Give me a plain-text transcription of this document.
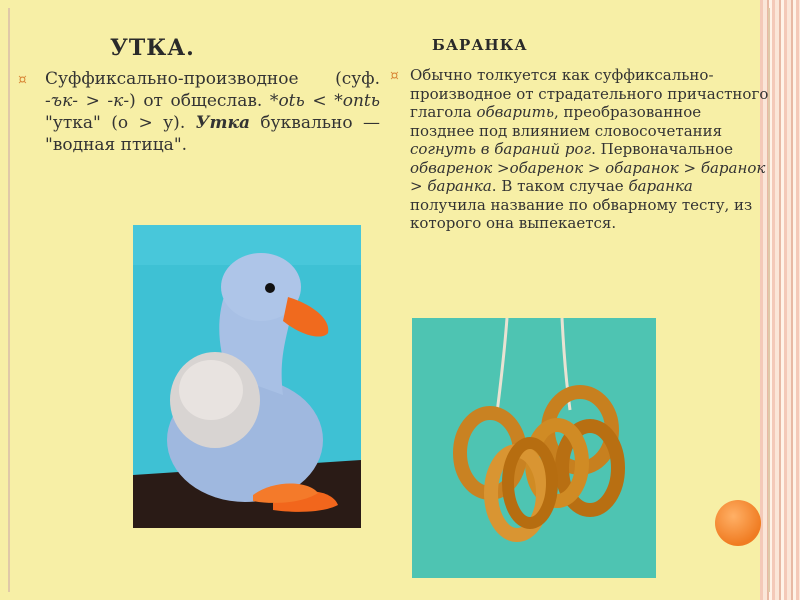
УТКА.	БАРАНКА
¤ Суффиксально-производное (суф. -ък- > -к-) от общеслав. *оtь < *ontь "утка" (о > у). Утка буквально — "водная птица".
¤ Обычно толкуется как суффиксально-производное от страдательного причастного глагола обварить, преобразованное позднее под влиянием словосочетания согнуть в бараний рог. Первоначальное обваренок >обаренок > обаранок > баранок > баранка. В таком случае баранка получила название по обварному тесту, из которого она выпекается.
